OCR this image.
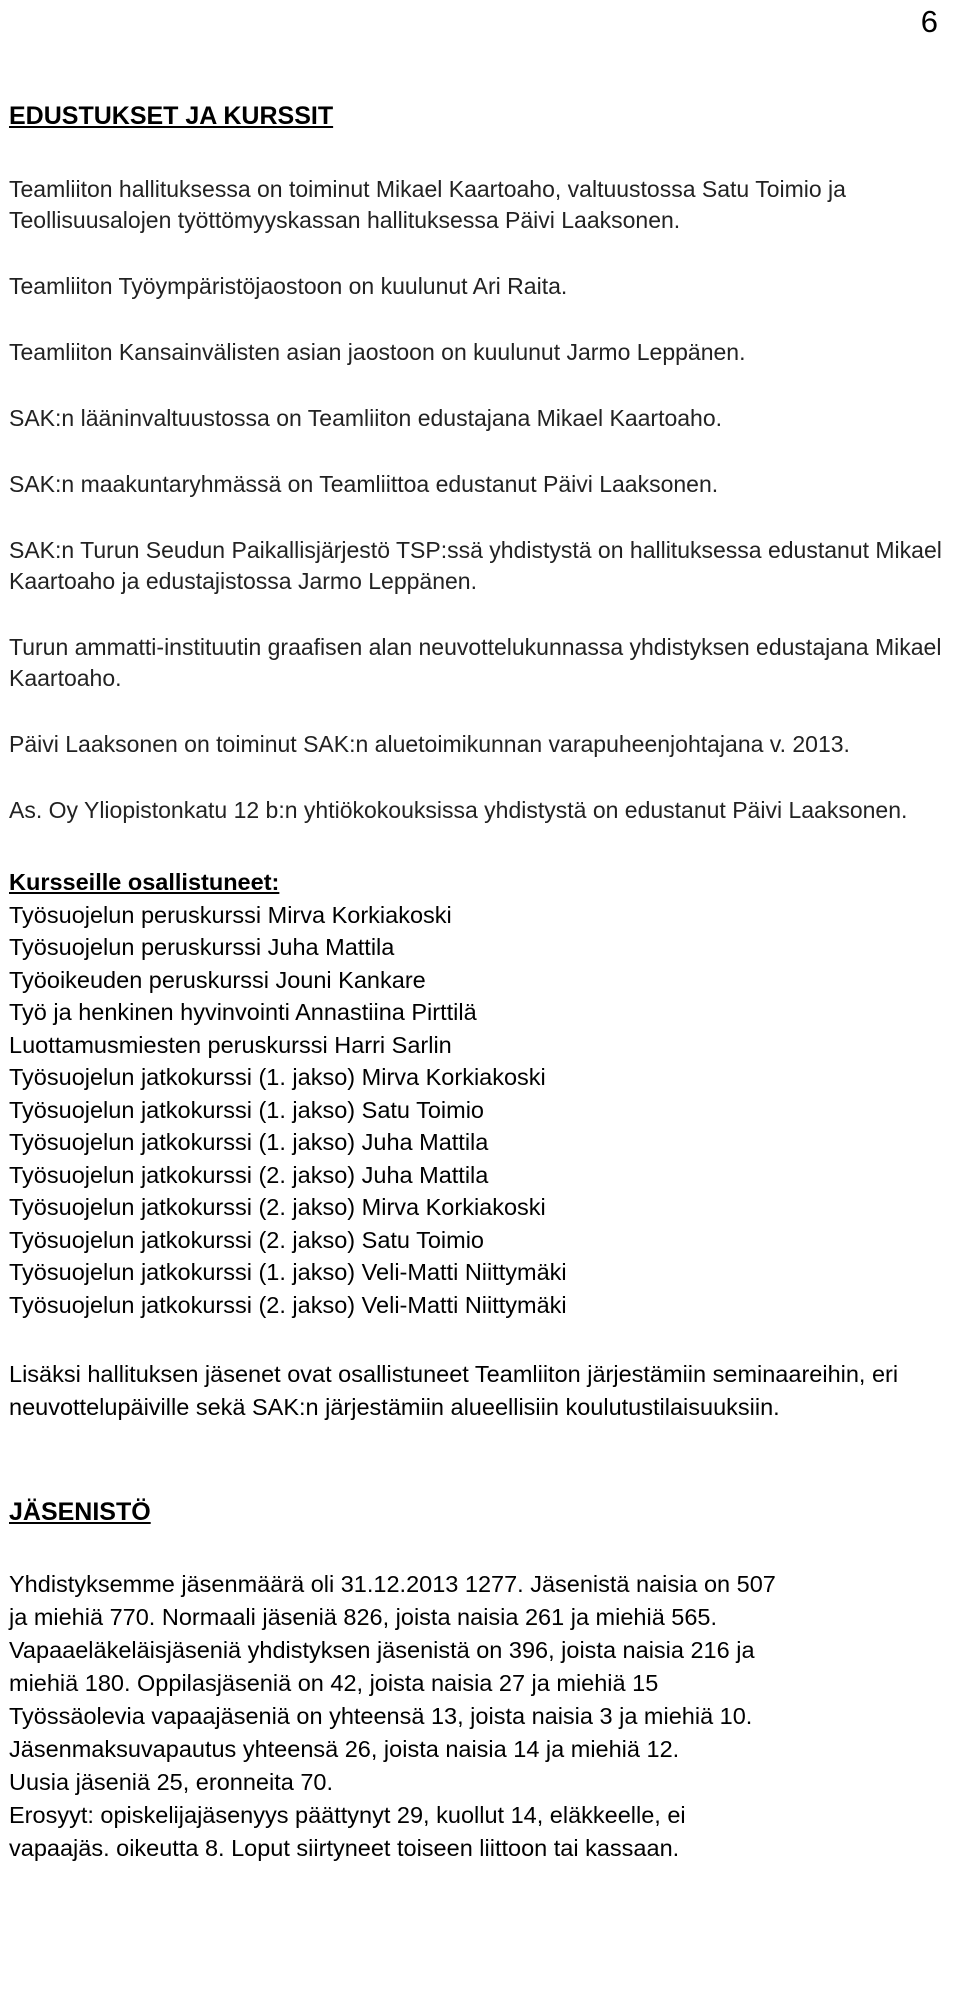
6
EDUSTUKSET JA KURSSIT

Teamliiton hallituksessa on toiminut Mikael Kaartoaho, valtuustossa Satu Toimio ja Teollisuusalojen työttömyyskassan hallituksessa Päivi Laaksonen.

Teamliiton Työympäristöjaostoon on kuulunut Ari Raita.

Teamliiton Kansainvälisten asian jaostoon on kuulunut Jarmo Leppänen.

SAK:n lääninvaltuustossa on Teamliiton edustajana Mikael Kaartoaho.

SAK:n maakuntaryhmässä on Teamliittoa edustanut Päivi Laaksonen.

SAK:n Turun Seudun Paikallisjärjestö TSP:ssä yhdistystä on hallituksessa edustanut Mikael Kaartoaho ja edustajistossa Jarmo Leppänen.

Turun ammatti-instituutin graafisen alan neuvottelukunnassa yhdistyksen edustajana Mikael Kaartoaho.

Päivi Laaksonen on toiminut SAK:n aluetoimikunnan varapuheenjohtajana v. 2013.

As. Oy Yliopistonkatu 12 b:n yhtiökokouksissa yhdistystä on edustanut Päivi Laaksonen.

Kursseille osallistuneet:
Työsuojelun peruskurssi Mirva Korkiakoski
Työsuojelun peruskurssi Juha Mattila
Työoikeuden peruskurssi Jouni Kankare
Työ ja henkinen hyvinvointi Annastiina Pirttilä
Luottamusmiesten peruskurssi Harri Sarlin
Työsuojelun jatkokurssi (1. jakso) Mirva Korkiakoski
Työsuojelun jatkokurssi (1. jakso) Satu Toimio
Työsuojelun jatkokurssi (1. jakso) Juha Mattila
Työsuojelun jatkokurssi (2. jakso) Juha Mattila
Työsuojelun jatkokurssi (2. jakso) Mirva Korkiakoski
Työsuojelun jatkokurssi (2. jakso) Satu Toimio
Työsuojelun jatkokurssi (1. jakso) Veli-Matti Niittymäki
Työsuojelun jatkokurssi (2. jakso) Veli-Matti Niittymäki

Lisäksi hallituksen jäsenet ovat osallistuneet Teamliiton järjestämiin seminaareihin, eri neuvottelupäiville sekä SAK:n järjestämiin alueellisiin koulutustilaisuuksiin.

JÄSENISTÖ

Yhdistyksemme jäsenmäärä oli 31.12.2013 1277. Jäsenistä naisia on 507

ja miehiä 770. Normaali jäseniä 826, joista naisia 261 ja miehiä 565.

Vapaaeläkeläisjäseniä yhdistyksen jäsenistä on 396, joista naisia 216 ja

miehiä 180. Oppilasjäseniä on 42, joista naisia 27 ja miehiä 15

Työssäolevia vapaajäseniä on yhteensä 13, joista naisia 3 ja miehiä 10.

Jäsenmaksuvapautus yhteensä 26, joista naisia 14 ja miehiä 12.

Uusia jäseniä 25, eronneita 70.

Erosyyt: opiskelijajäsenyys päättynyt 29, kuollut 14, eläkkeelle, ei

vapaajäs. oikeutta 8. Loput siirtyneet toiseen liittoon tai kassaan.
